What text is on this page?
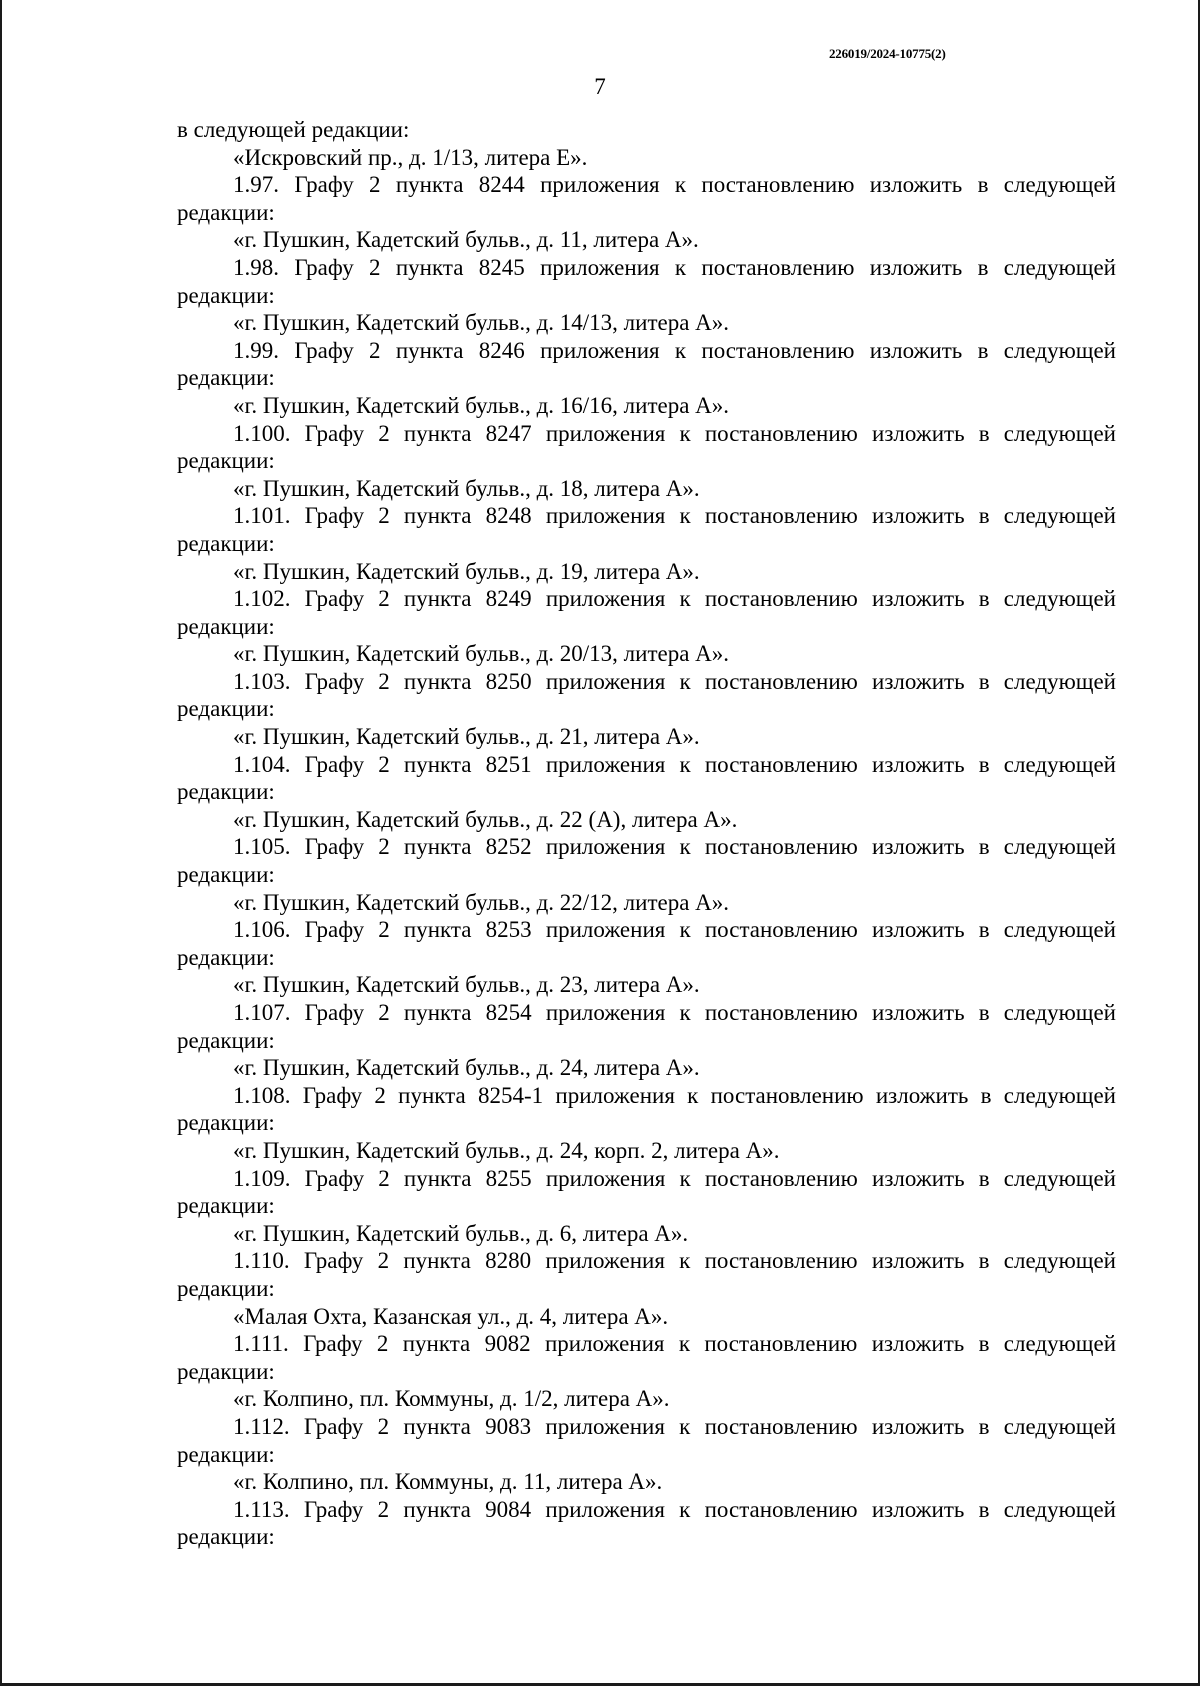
226019/2024-10775(2)
7
в следующей редакции:
«Искровский пр., д. 1/13, литера Е».
1.97. Графу 2 пункта 8244 приложения к постановлению изложить в следующей
редакции:
«г. Пушкин, Кадетский бульв., д. 11, литера А».
1.98. Графу 2 пункта 8245 приложения к постановлению изложить в следующей
редакции:
«г. Пушкин, Кадетский бульв., д. 14/13, литера А».
1.99. Графу 2 пункта 8246 приложения к постановлению изложить в следующей
редакции:
«г. Пушкин, Кадетский бульв., д. 16/16, литера А».
1.100. Графу 2 пункта 8247 приложения к постановлению изложить в следующей
редакции:
«г. Пушкин, Кадетский бульв., д. 18, литера А».
1.101. Графу 2 пункта 8248 приложения к постановлению изложить в следующей
редакции:
«г. Пушкин, Кадетский бульв., д. 19, литера А».
1.102. Графу 2 пункта 8249 приложения к постановлению изложить в следующей
редакции:
«г. Пушкин, Кадетский бульв., д. 20/13, литера А».
1.103. Графу 2 пункта 8250 приложения к постановлению изложить в следующей
редакции:
«г. Пушкин, Кадетский бульв., д. 21, литера А».
1.104. Графу 2 пункта 8251 приложения к постановлению изложить в следующей
редакции:
«г. Пушкин, Кадетский бульв., д. 22 (А), литера А».
1.105. Графу 2 пункта 8252 приложения к постановлению изложить в следующей
редакции:
«г. Пушкин, Кадетский бульв., д. 22/12, литера А».
1.106. Графу 2 пункта 8253 приложения к постановлению изложить в следующей
редакции:
«г. Пушкин, Кадетский бульв., д. 23, литера А».
1.107. Графу 2 пункта 8254 приложения к постановлению изложить в следующей
редакции:
«г. Пушкин, Кадетский бульв., д. 24, литера А».
1.108. Графу 2 пункта 8254-1 приложения к постановлению изложить в следующей
редакции:
«г. Пушкин, Кадетский бульв., д. 24, корп. 2, литера А».
1.109. Графу 2 пункта 8255 приложения к постановлению изложить в следующей
редакции:
«г. Пушкин, Кадетский бульв., д. 6, литера А».
1.110. Графу 2 пункта 8280 приложения к постановлению изложить в следующей
редакции:
«Малая Охта, Казанская ул., д. 4, литера А».
1.111. Графу 2 пункта 9082 приложения к постановлению изложить в следующей
редакции:
«г. Колпино, пл. Коммуны, д. 1/2, литера А».
1.112. Графу 2 пункта 9083 приложения к постановлению изложить в следующей
редакции:
«г. Колпино, пл. Коммуны, д. 11, литера А».
1.113. Графу 2 пункта 9084 приложения к постановлению изложить в следующей
редакции:
